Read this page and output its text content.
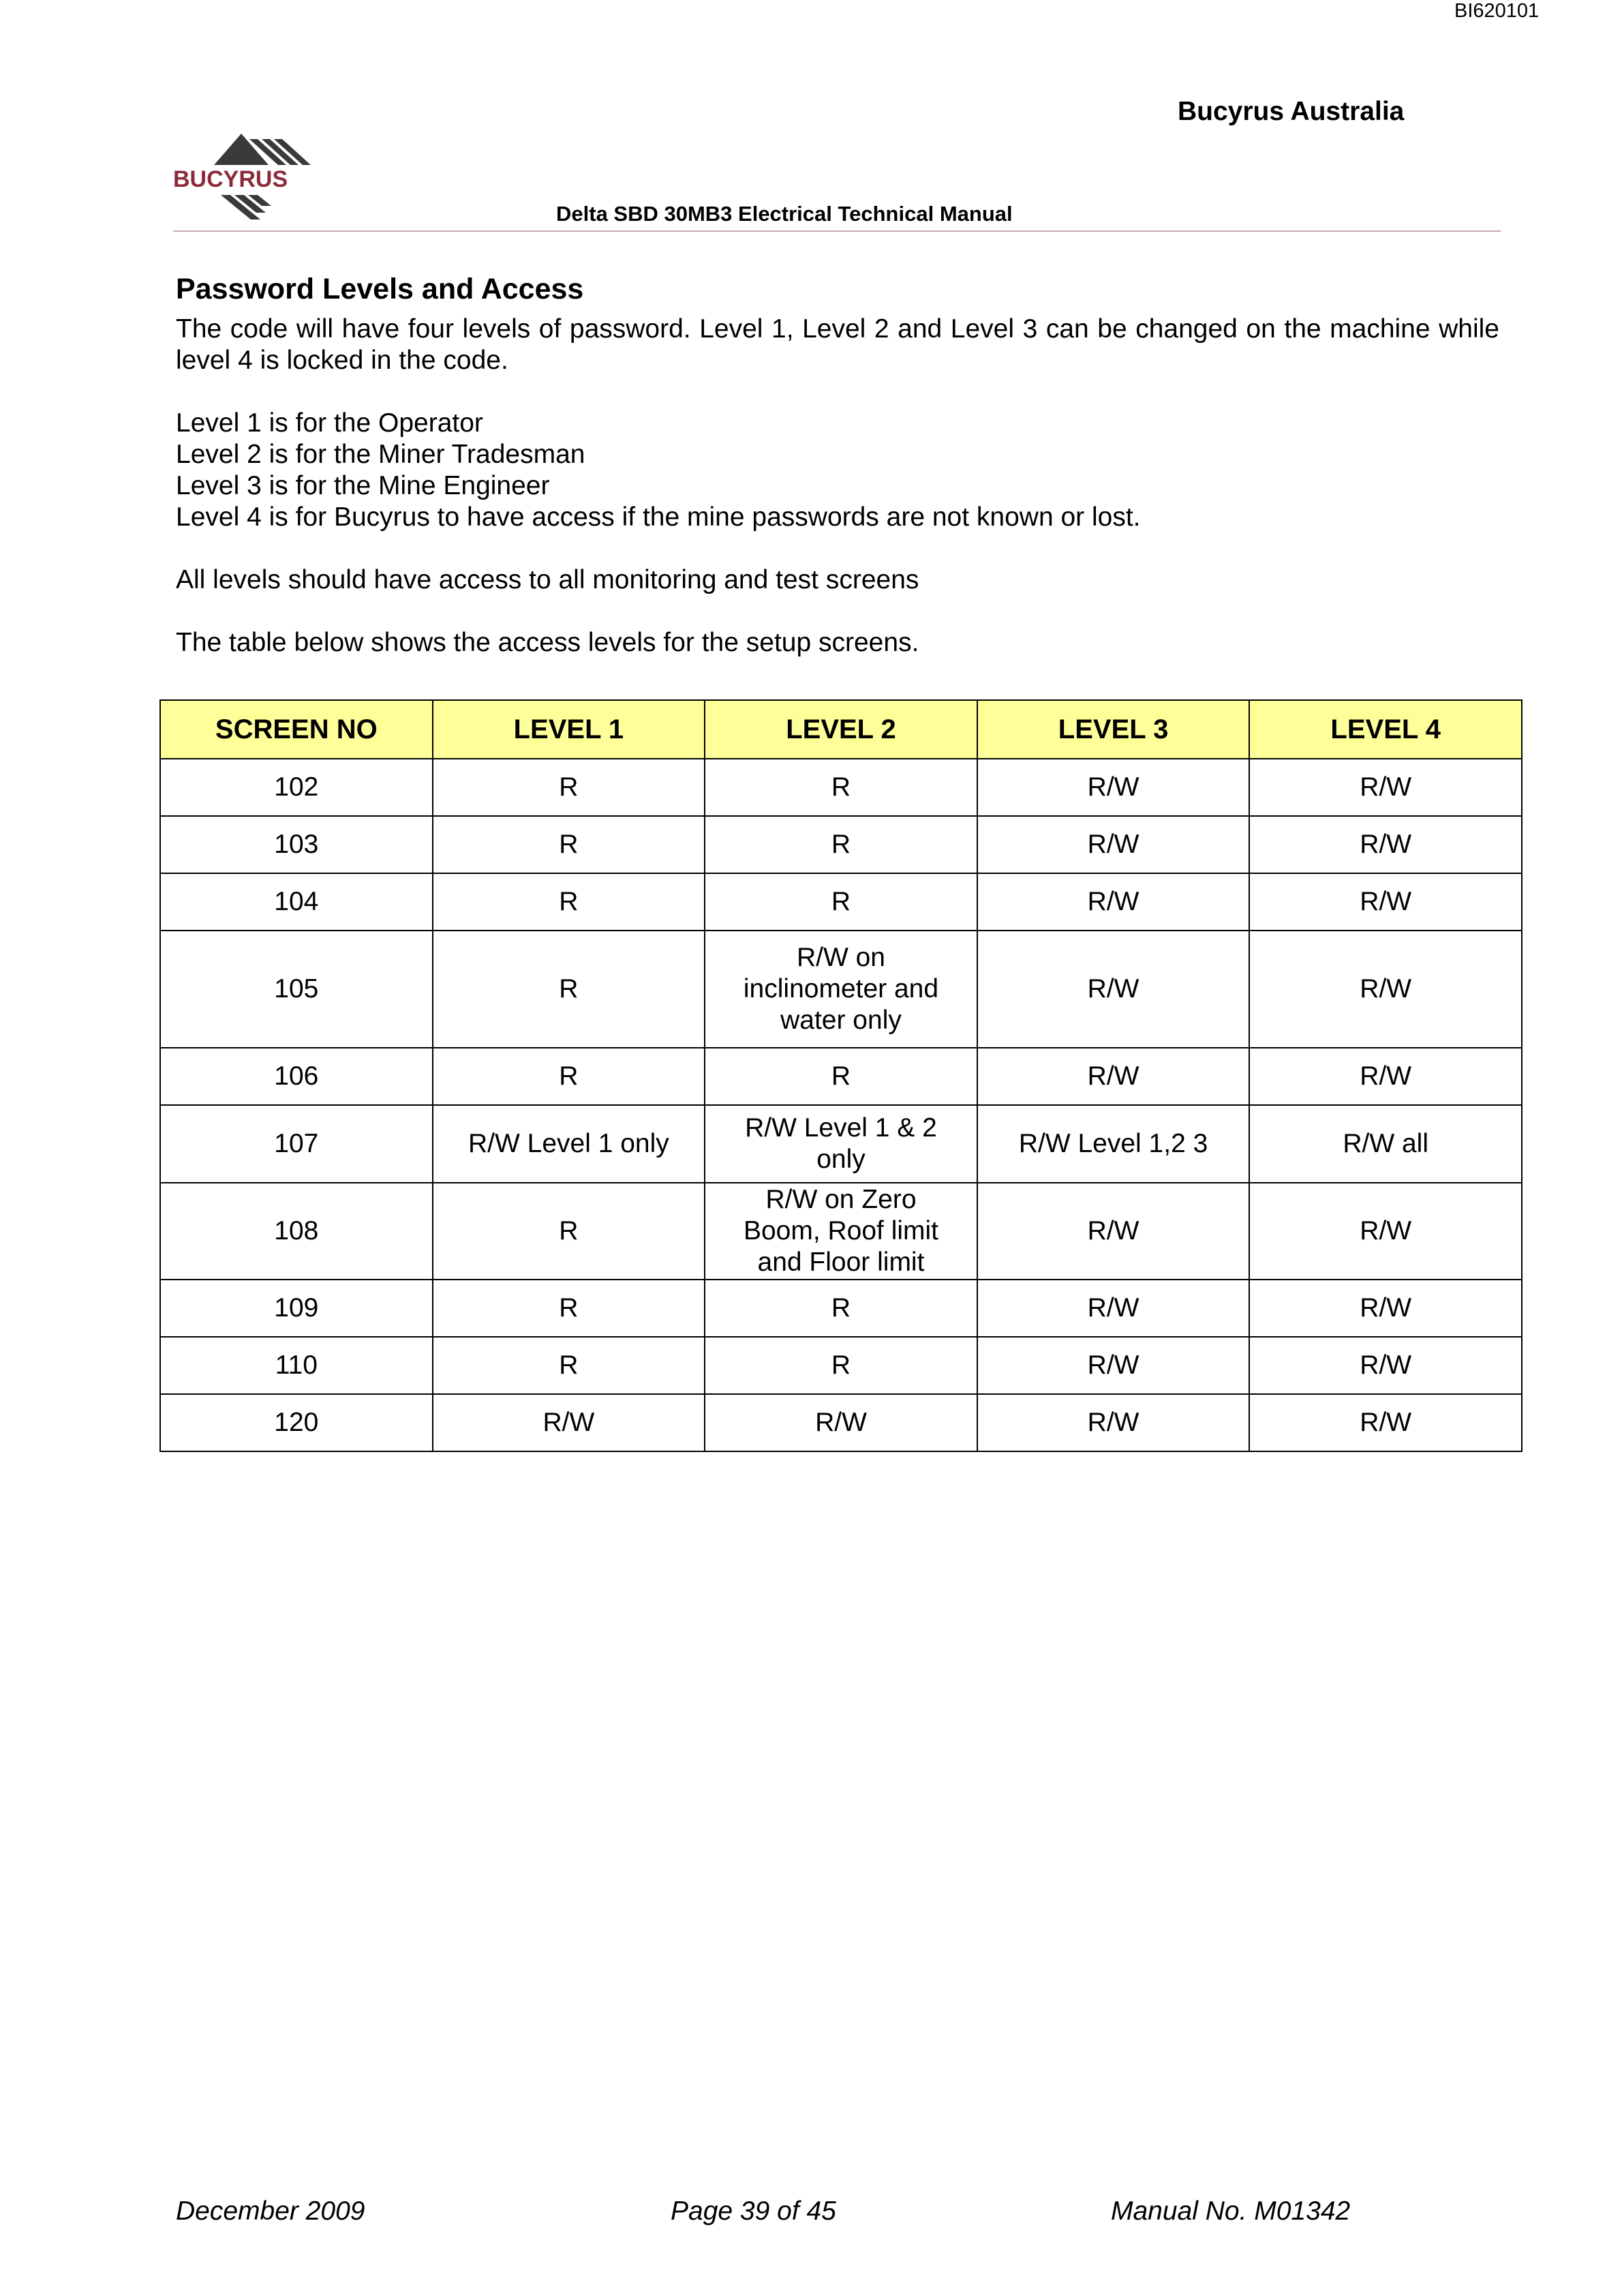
BI620101
Bucyrus Australia
BUCYRUS
Delta SBD 30MB3 Electrical Technical Manual
Password Levels and Access

The code will have four levels of password. Level 1, Level 2 and Level 3 can be changed on the machine while level 4 is locked in the code.

Level 1 is for the Operator
Level 2 is for the Miner Tradesman
Level 3 is for the Mine Engineer
Level 4 is for Bucyrus to have access if the mine passwords are not known or lost.

All levels should have access to all monitoring and test screens

The table below shows the access levels for the setup screens.

SCREEN NO	LEVEL 1	LEVEL 2	LEVEL 3	LEVEL 4
102	R	R	R/W	R/W
103	R	R	R/W	R/W
104	R	R	R/W	R/W
105	R	R/W on inclinometer and water only	R/W	R/W
106	R	R	R/W	R/W
107	R/W Level 1 only	R/W Level 1 & 2 only	R/W Level 1,2 3	R/W all
108	R	R/W on Zero Boom, Roof limit and Floor limit	R/W	R/W
109	R	R	R/W	R/W
110	R	R	R/W	R/W
120	R/W	R/W	R/W	R/W
December 2009	Page 39 of 45	Manual No. M01342
